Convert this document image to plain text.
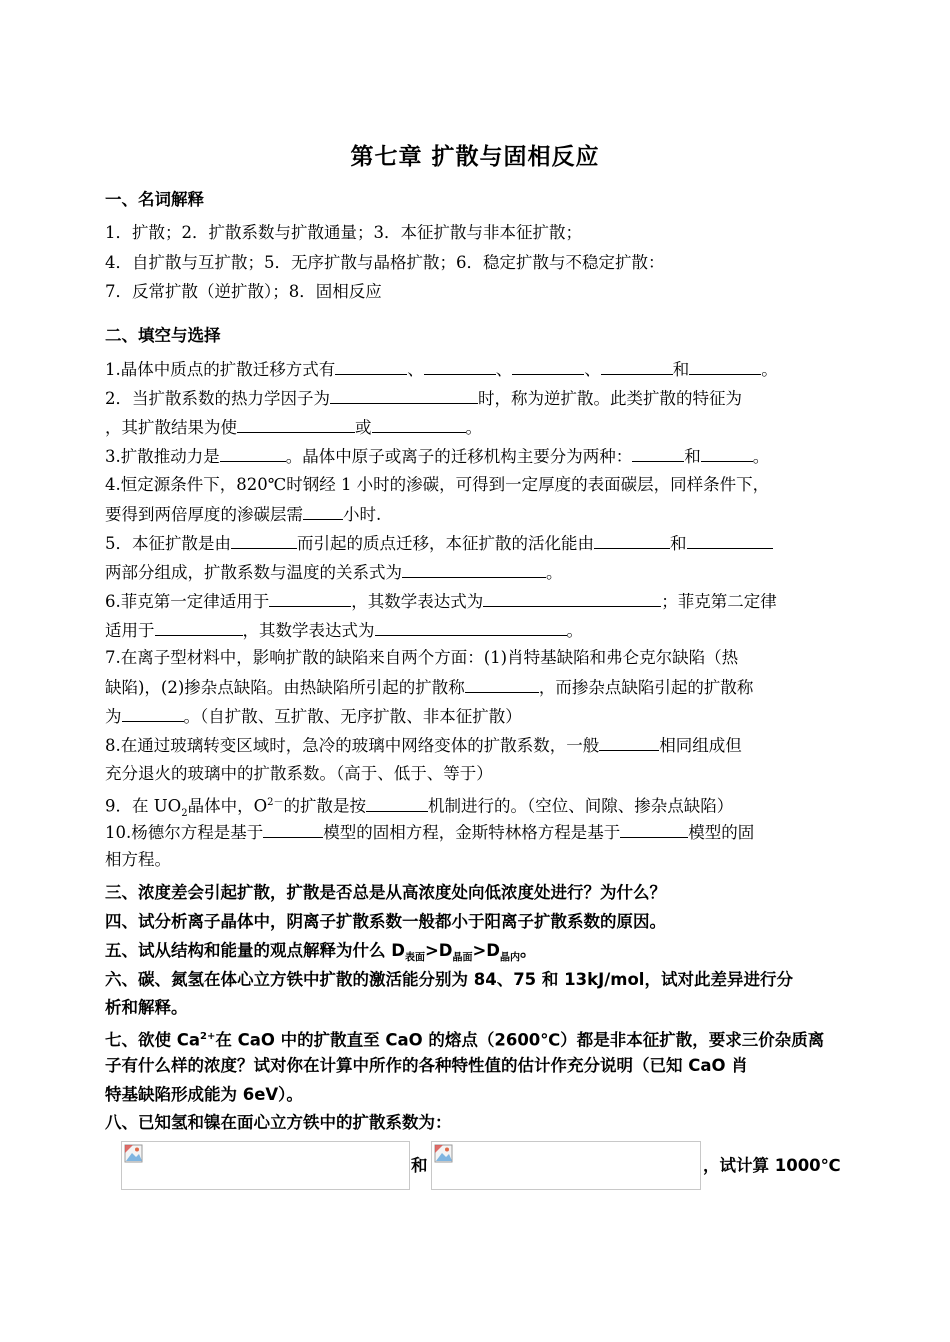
第七章 扩散与固相反应
一、名词解释
1．扩散；2．扩散系数与扩散通量；3．本征扩散与非本征扩散；
4．自扩散与互扩散；5．无序扩散与晶格扩散；6．稳定扩散与不稳定扩散：
7．反常扩散（逆扩散）；8．固相反应
二、填空与选择
1.晶体中质点的扩散迁移方式有	、	、	、	和	。
2．当扩散系数的热力学因子为	时，称为逆扩散。此类扩散的特征为
，其扩散结果为使	或	。
3.扩散推动力是	。晶体中原子或离子的迁移机构主要分为两种：	和	。
4.恒定源条件下，820℃时钢经 1 小时的渗碳，可得到一定厚度的表面碳层，同样条件下，
要得到两倍厚度的渗碳层需 小时.
5．本征扩散是由	而引起的质点迁移，本征扩散的活化能由	和
两部分组成，扩散系数与温度的关系式为	。
6.菲克第一定律适用于	，其数学表达式为	；菲克第二定律
适用于	，其数学表达式为	。
7.在离子型材料中，影响扩散的缺陷来自两个方面：(1)肖特基缺陷和弗仑克尔缺陷（热
缺陷)，(2)掺杂点缺陷。由热缺陷所引起的扩散称	，而掺杂点缺陷引起的扩散称
为	。（自扩散、互扩散、无序扩散、非本征扩散）
8.在通过玻璃转变区域时，急冷的玻璃中网络变体的扩散系数，一般	相同组成但
充分退火的玻璃中的扩散系数。（高于、低于、等于）
9．在 $UO_2$晶体中，$O^{2-}$的扩散是按	机制进行的。（空位、间隙、掺杂点缺陷）
10.杨德尔方程是基于	模型的固相方程，金斯特林格方程是基于	模型的固
相方程。
三、浓度差会引起扩散，扩散是否总是从高浓度处向低浓度处进行？为什么？
四、试分析离子晶体中，阴离子扩散系数一般都小于阳离子扩散系数的原因。
五、试从结构和能量的观点解释为什么 $D_{表面}>D_{晶面}>D_{晶内}$。
六、碳、氮氢在体心立方铁中扩散的激活能分别为 84、75 和 13kJ/mol，试对此差异进行分
析和解释。
七、欲使 $Ca^{2+}$在 CaO 中的扩散直至 CaO 的熔点（2600℃）都是非本征扩散，要求三价杂质离
子有什么样的浓度？试对你在计算中所作的各种特性值的估计作充分说明（已知 CaO 肖
特基缺陷形成能为 6eV）。
八、已知氢和镍在面心立方铁中的扩散系数为：
和	，试计算 1000℃
